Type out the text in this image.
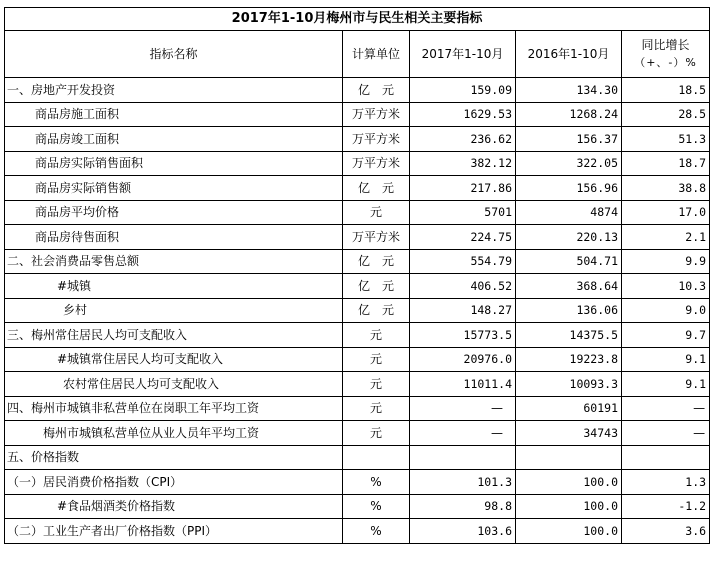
2017年1-10月梅州市与民生相关主要指标				
指标名称	计算单位	2017年1-10月	2016年1-10月	同比增长
（+、-）%

一、房地产开发投资	亿　元	159.09	134.30	18.5
商品房施工面积	万平方米	1629.53	1268.24	28.5
商品房竣工面积	万平方米	236.62	156.37	51.3
商品房实际销售面积	万平方米	382.12	322.05	18.7
商品房实际销售额	亿　元	217.86	156.96	38.8
商品房平均价格	元	5701	4874	17.0
商品房待售面积	万平方米	224.75	220.13	2.1
二、社会消费品零售总额	亿　元	554.79	504.71	9.9
#城镇	亿　元	406.52	368.64	10.3
乡村	亿　元	148.27	136.06	9.0
三、梅州常住居民人均可支配收入	元	15773.5	14375.5	9.7
#城镇常住居民人均可支配收入	元	20976.0	19223.8	9.1
农村常住居民人均可支配收入	元	11011.4	10093.3	9.1
四、梅州市城镇非私营单位在岗职工年平均工资	元	—	60191	—
梅州市城镇私营单位从业人员年平均工资	元	—	34743	—
五、价格指数				
（一）居民消费价格指数（CPI）	%	101.3	100.0	1.3
#食品烟酒类价格指数	%	98.8	100.0	-1.2
（二）工业生产者出厂价格指数（PPI）	%	103.6	100.0	3.6
